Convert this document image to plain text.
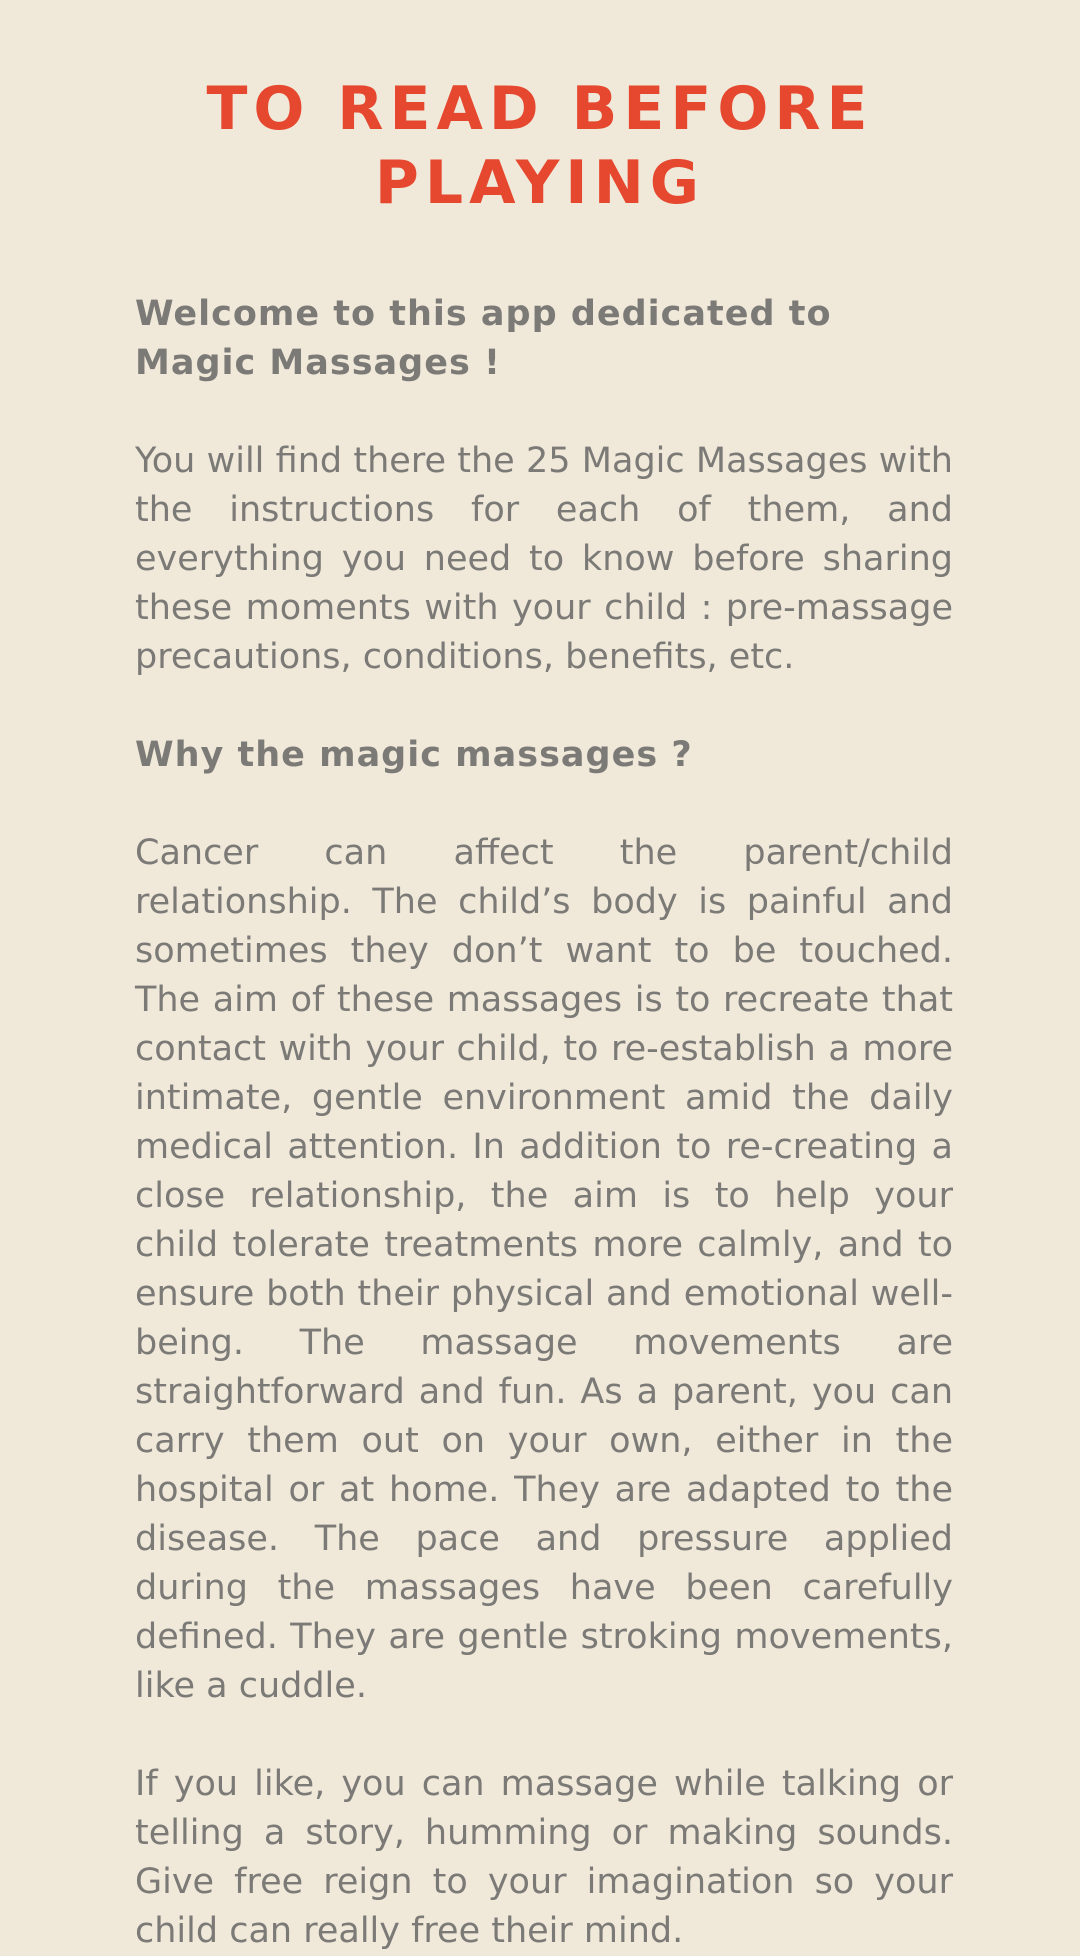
TO READ BEFORE
PLAYING

Welcome to this app dedicated to Magic Massages !

You will find there the 25 Magic Massages with the instructions for each of them, and everything you need to know before sharing these moments with your child : pre-massage precautions, conditions, benefits, etc.

Why the magic massages ?

Cancer can affect the parent/child relationship. The child’s body is painful and sometimes they don’t want to be touched. The aim of these massages is to recreate that contact with your child, to re-establish a more intimate, gentle environment amid the daily medical attention. In addition to re-creating a close relationship, the aim is to help your child tolerate treatments more calmly, and to ensure both their physical and emotional well-being. The massage movements are straightforward and fun. As a parent, you can carry them out on your own, either in the hospital or at home. They are adapted to the disease. The pace and pressure applied during the massages have been carefully defined. They are gentle stroking movements, like a cuddle.

If you like, you can massage while talking or telling a story, humming or making sounds. Give free reign to your imagination so your child can really free their mind.
